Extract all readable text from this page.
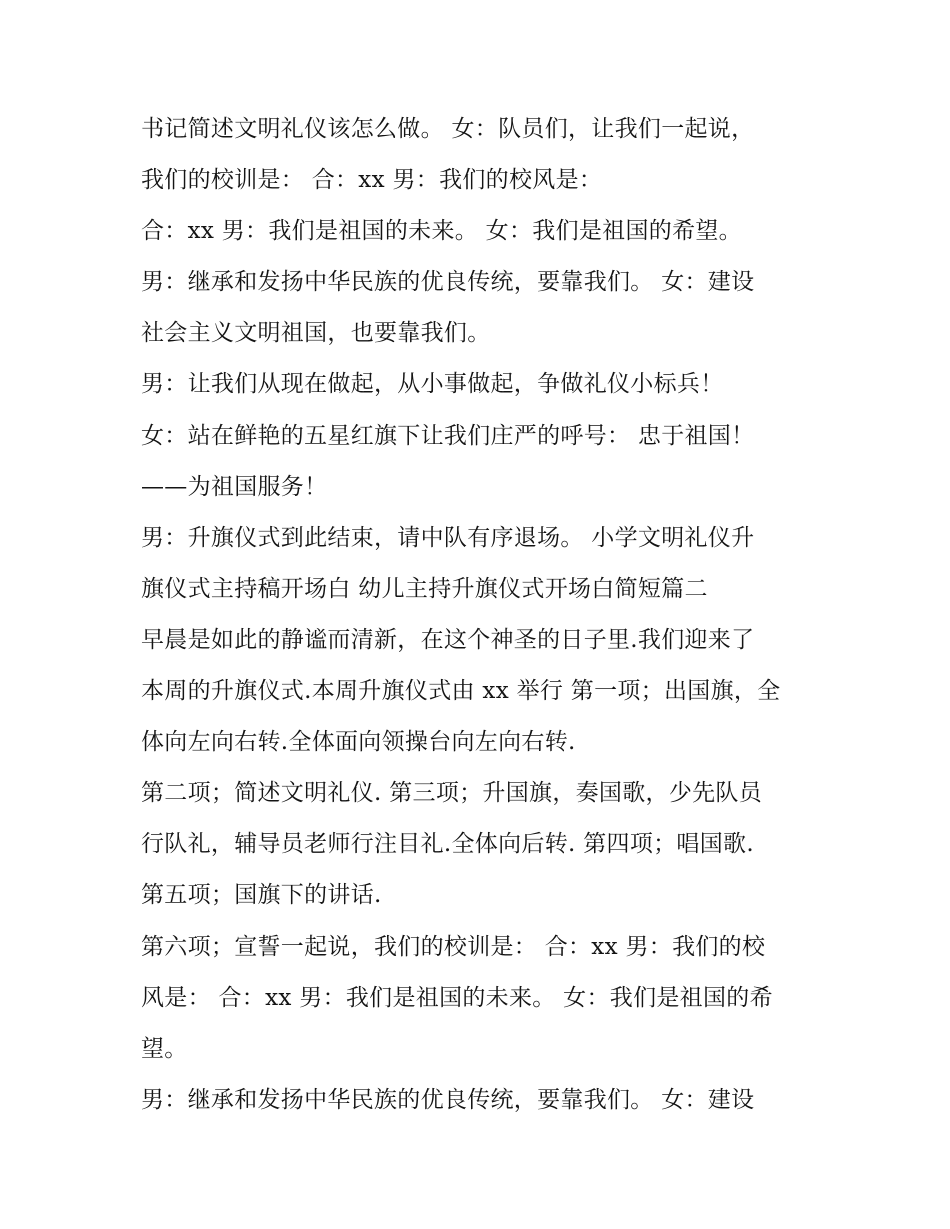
书记简述文明礼仪该怎么做。 女：队员们，让我们一起说，
我们的校训是： 合：xx 男：我们的校风是：
合：xx 男：我们是祖国的未来。 女：我们是祖国的希望。
男：继承和发扬中华民族的优良传统，要靠我们。 女：建设
社会主义文明祖国，也要靠我们。
男：让我们从现在做起，从小事做起，争做礼仪小标兵！
女：站在鲜艳的五星红旗下让我们庄严的呼号： 忠于祖国！
——为祖国服务！
男：升旗仪式到此结束，请中队有序退场。 小学文明礼仪升
旗仪式主持稿开场白 幼儿主持升旗仪式开场白简短篇二
早晨是如此的静谧而清新，在这个神圣的日子里.我们迎来了
本周的升旗仪式.本周升旗仪式由 xx 举行 第一项；出国旗，全
体向左向右转.全体面向领操台向左向右转.
第二项；简述文明礼仪. 第三项；升国旗，奏国歌，少先队员
行队礼，辅导员老师行注目礼.全体向后转. 第四项；唱国歌.
第五项；国旗下的讲话.
第六项；宣誓一起说，我们的校训是： 合：xx 男：我们的校
风是： 合：xx 男：我们是祖国的未来。 女：我们是祖国的希
望。
男：继承和发扬中华民族的优良传统，要靠我们。 女：建设
